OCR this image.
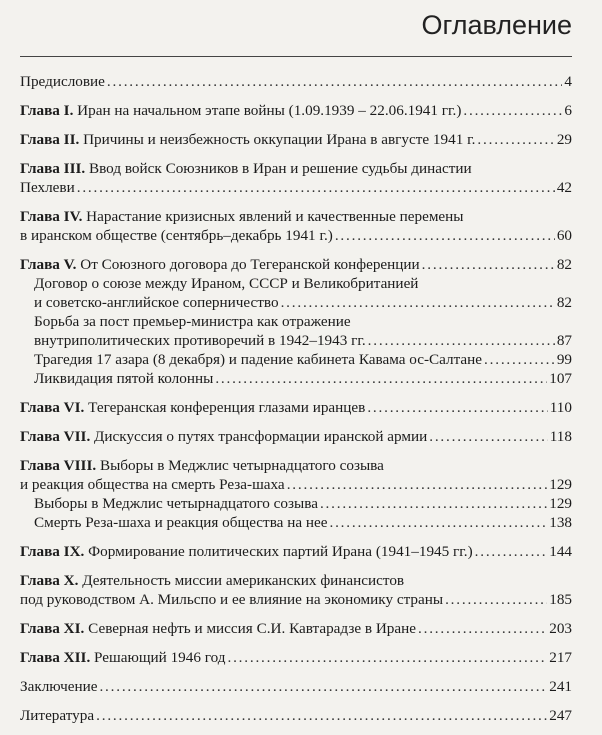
Оглавление
Предисловие . . .	4
Глава I. Иран на начальном этапе войны (1.09.1939 – 22.06.1941 гг.) . . .	6
Глава II. Причины и неизбежность оккупации Ирана в августе 1941 г. . . .	29
Глава III. Ввод войск Союзников в Иран и решение судьбы династии
Пехлеви . . .	42
Глава IV. Нарастание кризисных явлений и качественные перемены
в иранском обществе (сентябрь–декабрь 1941 г.) . . .	60
Глава V. От Союзного договора до Тегеранской конференции . . .	82
Договор о союзе между Ираном, СССР и Великобританией
и советско-английское соперничество . . .	82
Борьба за пост премьер-министра как отражение
внутриполитических противоречий в 1942–1943 гг. . . .	87
Трагедия 17 азара (8 декабря) и падение кабинета Кавама ос-Салтане . . .	99
Ликвидация пятой колонны . . .	107
Глава VI. Тегеранская конференция глазами иранцев . . .	110
Глава VII. Дискуссия о путях трансформации иранской армии . . .	118
Глава VIII. Выборы в Меджлис четырнадцатого созыва
и реакция общества на смерть Реза-шаха . . .	129
Выборы в Меджлис четырнадцатого созыва . . .	129
Смерть Реза-шаха и реакция общества на нее . . .	138
Глава IX. Формирование политических партий Ирана (1941–1945 гг.) . . .	144
Глава X. Деятельность миссии американских финансистов
под руководством А. Мильспо и ее влияние на экономику страны . . .	185
Глава XI. Северная нефть и миссия С.И. Кавтарадзе в Иране . . .	203
Глава XII. Решающий 1946 год . . .	217
Заключение . . .	241
Литература . . .	247
